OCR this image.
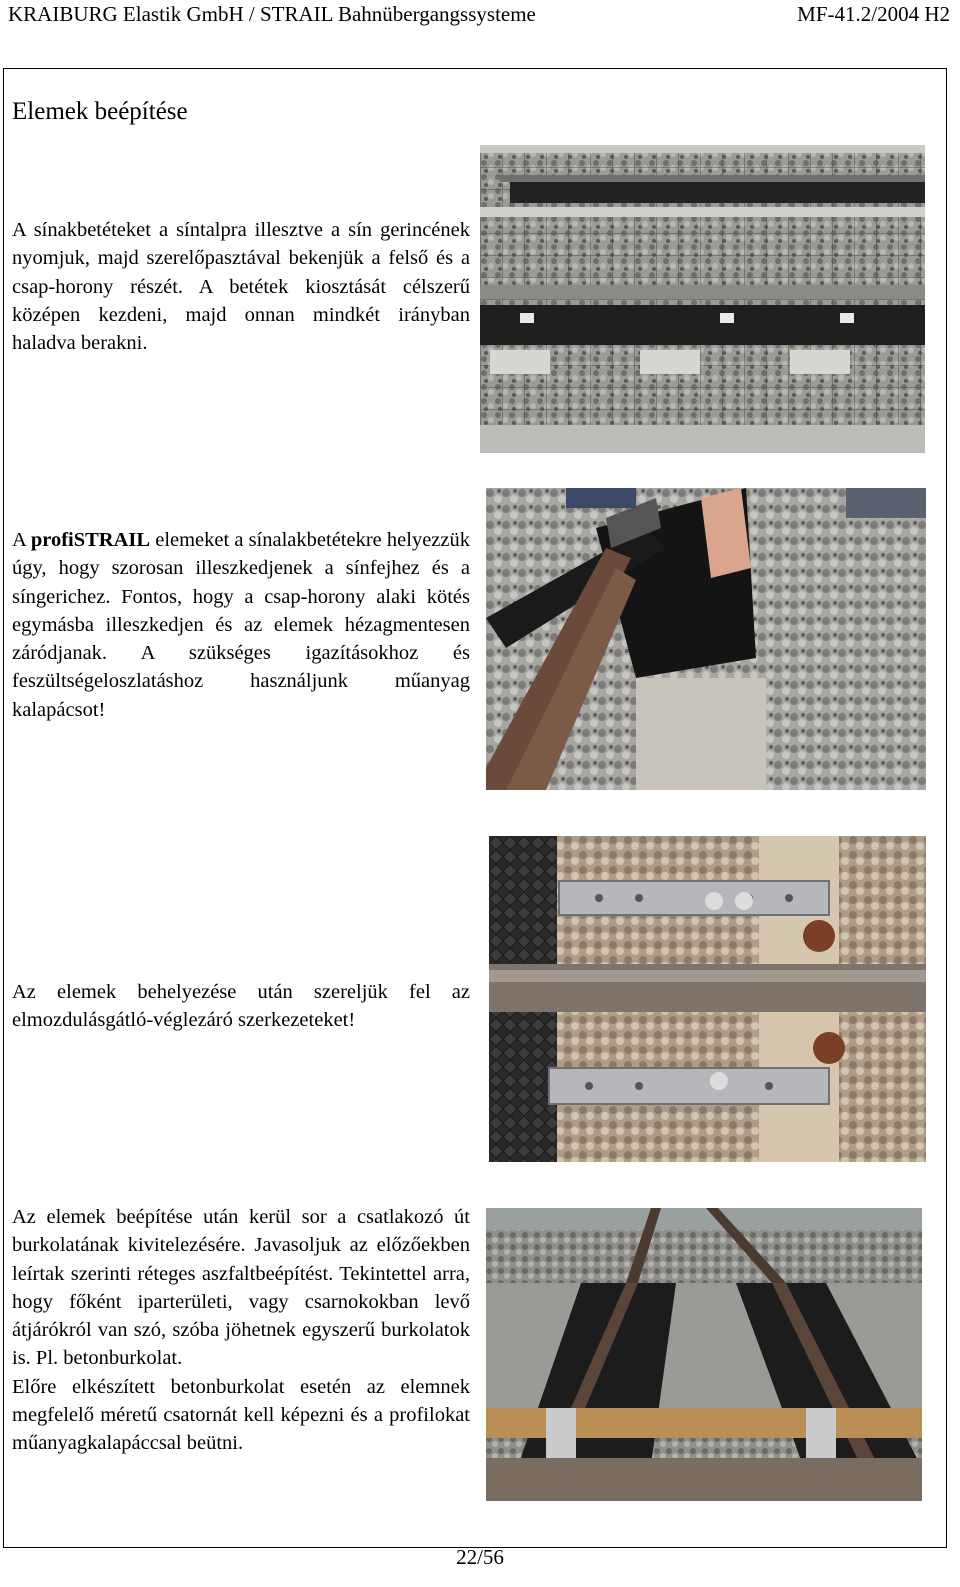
KRAIBURG Elastik GmbH / STRAIL Bahnübergangssysteme	MF-41.2/2004 H2
Elemek beépítése

A sínakbetéteket a síntalpra illesztve a sín gerincének nyomjuk, majd szerelőpasztával bekenjük a felső és a csap-horony részét. A betétek kiosztását célszerű középen kezdeni, majd onnan mindkét irányban haladva berakni.

A profiSTRAIL elemeket a sínalakbetétekre helyezzük úgy, hogy szorosan illeszkedjenek a sínfejhez és a síngerichez. Fontos, hogy a csap-horony alaki kötés egymásba illeszkedjen és az elemek hézagmentesen záródjanak. A szükséges igazításokhoz és feszültségeloszlatáshoz használjunk műanyag kalapácsot!

Az elemek behelyezése után szereljük fel az elmozdulásgátló-véglezáró szerkezeteket!

Az elemek beépítése után kerül sor a csatlakozó út burkolatának kivitelezésére. Javasoljuk az előzőekben leírtak szerinti réteges aszfaltbeépítést. Tekintettel arra, hogy főként iparterületi, vagy csarnokokban levő átjárókról van szó, szóba jöhetnek egyszerű burkolatok is. Pl. betonburkolat.

Előre elkészített betonburkolat esetén az elemnek megfelelő méretű csatornát kell képezni és a profilokat műanyagkalapáccsal beütni.

22/56
